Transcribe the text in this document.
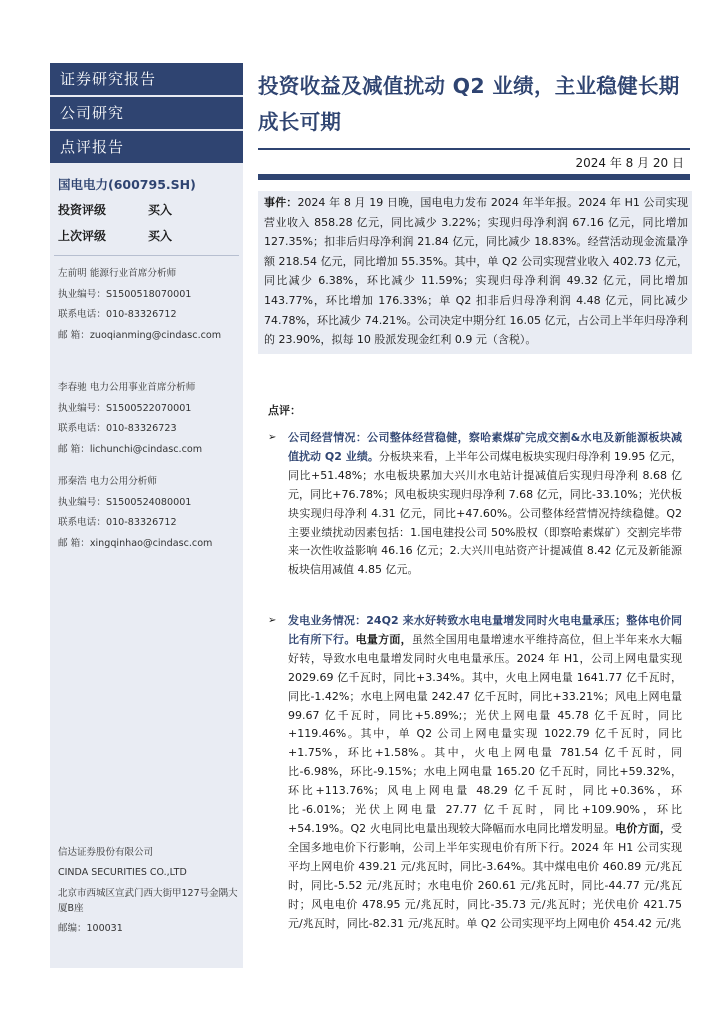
证券研究报告
公司研究
点评报告
国电电力(600795.SH)
投资评级	买入
上次评级	买入
左前明 能源行业首席分析师
执业编号：S1500518070001
联系电话：010-83326712
邮 箱：zuoqianming@cindasc.com
李春驰 电力公用事业首席分析师
执业编号：S1500522070001
联系电话：010-83326723
邮 箱：lichunchi@cindasc.com
邢秦浩 电力公用分析师
执业编号：S1500524080001
联系电话：010-83326712
邮 箱：xingqinhao@cindasc.com
信达证券股份有限公司
CINDA SECURITIES CO.,LTD
北京市西城区宣武门西大街甲127号金隅大厦B座
邮编：100031
投资收益及减值扰动 Q2 业绩，主业稳健长期成长可期
2024 年 8 月 20 日
事件：2024 年 8 月 19 日晚，国电电力发布 2024 年半年报。2024 年 H1 公司实现营业收入 858.28 亿元，同比减少 3.22%；实现归母净利润 67.16 亿元，同比增加 127.35%；扣非后归母净利润 21.84 亿元，同比减少 18.83%。经营活动现金流量净额 218.54 亿元，同比增加 55.35%。其中，单 Q2 公司实现营业收入 402.73 亿元，同比减少 6.38%，环比减少 11.59%；实现归母净利润 49.32 亿元，同比增加 143.77%，环比增加 176.33%；单 Q2 扣非后归母净利润 4.48 亿元，同比减少 74.78%，环比减少 74.21%。公司决定中期分红 16.05 亿元，占公司上半年归母净利的 23.90%，拟每 10 股派发现金红利 0.9 元（含税）。
点评：
➢ 公司经营情况：公司整体经营稳健，察哈素煤矿完成交割&水电及新能源板块减值扰动 Q2 业绩。分板块来看，上半年公司煤电板块实现归母净利 19.95 亿元，同比+51.48%；水电板块累加大兴川水电站计提减值后实现归母净利 8.68 亿元，同比+76.78%；风电板块实现归母净利 7.68 亿元，同比-33.10%；光伏板块实现归母净利 4.31 亿元，同比+47.60%。公司整体经营情况持续稳健。Q2 主要业绩扰动因素包括：1.国电建投公司 50%股权（即察哈素煤矿）交割完毕带来一次性收益影响 46.16 亿元；2.大兴川电站资产计提减值 8.42 亿元及新能源板块信用减值 4.85 亿元。
➢ 发电业务情况：24Q2 来水好转致水电电量增发同时火电电量承压；整体电价同比有所下行。电量方面，虽然全国用电量增速水平维持高位，但上半年来水大幅好转，导致水电电量增发同时火电电量承压。2024 年 H1，公司上网电量实现 2029.69 亿千瓦时，同比+3.34%。其中，火电上网电量 1641.77 亿千瓦时，同比-1.42%；水电上网电量 242.47 亿千瓦时，同比+33.21%；风电上网电量 99.67 亿千瓦时，同比+5.89%;；光伏上网电量 45.78 亿千瓦时，同比+119.46%。其中，单 Q2 公司上网电量实现 1022.79 亿千瓦时，同比+1.75%，环比+1.58%。其中，火电上网电量 781.54 亿千瓦时，同比-6.98%，环比-9.15%；水电上网电量 165.20 亿千瓦时，同比+59.32%，环比+113.76%；风电上网电量 48.29 亿千瓦时，同比+0.36%，环比-6.01%；光伏上网电量 27.77 亿千瓦时，同比+109.90%，环比+54.19%。Q2 火电同比电量出现较大降幅而水电同比增发明显。电价方面，受全国多地电价下行影响，公司上半年实现电价有所下行。2024 年 H1 公司实现平均上网电价 439.21 元/兆瓦时，同比-3.64%。其中煤电电价 460.89 元/兆瓦时，同比-5.52 元/兆瓦时；水电电价 260.61 元/兆瓦时，同比-44.77 元/兆瓦时；风电电价 478.95 元/兆瓦时，同比-35.73 元/兆瓦时；光伏电价 421.75 元/兆瓦时，同比-82.31 元/兆瓦时。单 Q2 公司实现平均上网电价 454.42 元/兆
